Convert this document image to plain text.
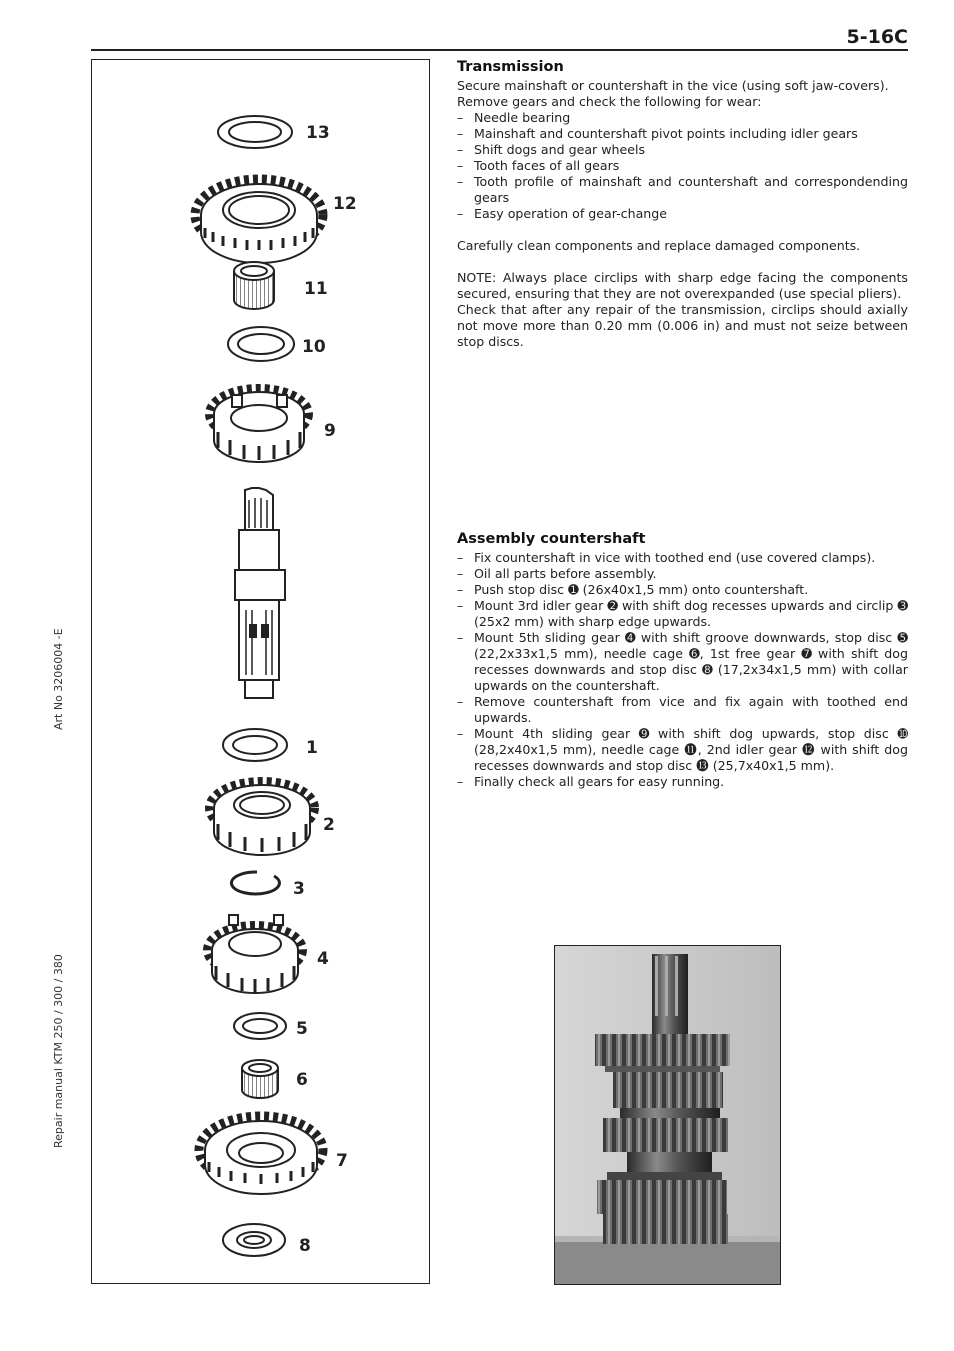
5-16C
Art No 3206004 -E
Repair manual KTM 250 / 300 / 380
13
12
11
10
9
1
2
3
4
5
6
7
8
Transmission

Secure mainshaft or countershaft in the vice (using soft jaw-covers).

Remove gears and check the following for wear:

– Needle bearing
– Mainshaft and countershaft pivot points including idler gears
– Shift dogs and gear wheels
– Tooth faces of all gears
– Tooth profile of mainshaft and countershaft and correspondending gears
– Easy operation of gear-change

Carefully clean components and replace damaged components.

NOTE: Always place circlips with sharp edge facing the components secured, ensuring that they are not overexpanded (use special pliers).

Check that after any repair of the transmission, circlips should axially not move more than 0.20 mm (0.006 in) and must not seize between stop discs.

Assembly countershaft
– Fix countershaft in vice with toothed end (use covered clamps).
– Oil all parts before assembly.
– Push stop disc ➊ (26x40x1,5 mm) onto countershaft.
– Mount 3rd idler gear ➋ with shift dog recesses upwards and circlip ➌ (25x2 mm) with sharp edge upwards.
– Mount 5th sliding gear ➍ with shift groove downwards, stop disc ➎ (22,2x33x1,5 mm), needle cage ➏, 1st free gear ➐ with shift dog recesses downwards and stop disc ➑ (17,2x34x1,5 mm) with collar upwards on the countershaft.
– Remove countershaft from vice and fix again with toothed end upwards.
– Mount 4th sliding gear ➒ with shift dog upwards, stop disc ➓ (28,2x40x1,5 mm), needle cage ⓫, 2nd idler gear ⓬ with shift dog recesses downwards and stop disc ⓭ (25,7x40x1,5 mm).
– Finally check all gears for easy running.
